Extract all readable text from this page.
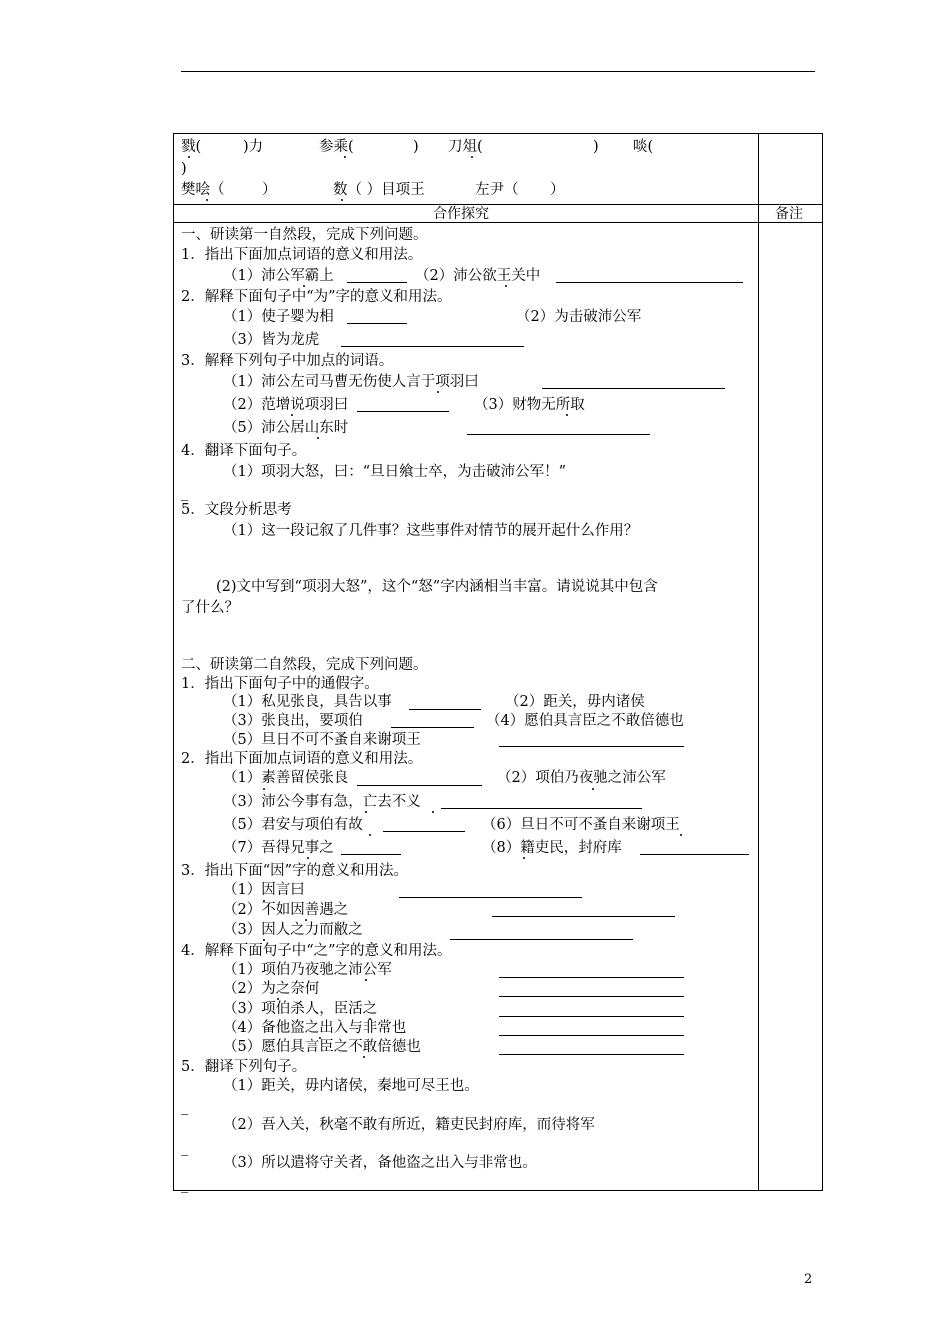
戮(	)力	参乘(	) 刀俎(	) 啖(
)
樊哙（	）	数（ ）目项王	左尹（ ）
合作探究	备注
一、研读第一自然段，完成下列问题。
1．指出下面加点词语的意义和用法。
（1）沛公军霸上	（2）沛公欲王关中
2．解释下面句子中“为”字的意义和用法。
（1）使子婴为相	（2）为击破沛公军
（3）皆为龙虎
3．解释下列句子中加点的词语。
（1）沛公左司马曹无伤使人言于项羽曰
（2）范增说项羽曰	（3）财物无所取
（5）沛公居山东时
4．翻译下面句子。
（1）项羽大怒，曰：“旦日飨士卒，为击破沛公军！”
_
5．文段分析思考
（1）这一段记叙了几件事？这些事件对情节的展开起什么作用？
(2)文中写到“项羽大怒”，这个“怒”字内涵相当丰富。请说说其中包含
了什么？
二、研读第二自然段，完成下列问题。
1．指出下面句子中的通假字。
（1）私见张良，具告以事	（2）距关，毋内诸侯
（3）张良出，要项伯	（4）愿伯具言臣之不敢倍德也
（5）旦日不可不蚤自来谢项王
2．指出下面加点词语的意义和用法。
（1）素善留侯张良	（2）项伯乃夜驰之沛公军
（3）沛公今事有急，亡去不义
（5）君安与项伯有故	（6）旦日不可不蚤自来谢项王
（7）吾得兄事之	（8）籍吏民，封府库
3．指出下面“因”字的意义和用法。
（1）因言曰
（2）不如因善遇之
（3）因人之力而敝之
4．解释下面句子中“之”字的意义和用法。
（1）项伯乃夜驰之沛公军
（2）为之奈何
（3）项伯杀人，臣活之
（4）备他盗之出入与非常也
（5）愿伯具言臣之不敢倍德也
5．翻译下列句子。
（1）距关，毋内诸侯，秦地可尽王也。
_
（2）吾入关，秋毫不敢有所近，籍吏民封府库，而待将军
_
（3）所以遣将守关者，备他盗之出入与非常也。
_
2
